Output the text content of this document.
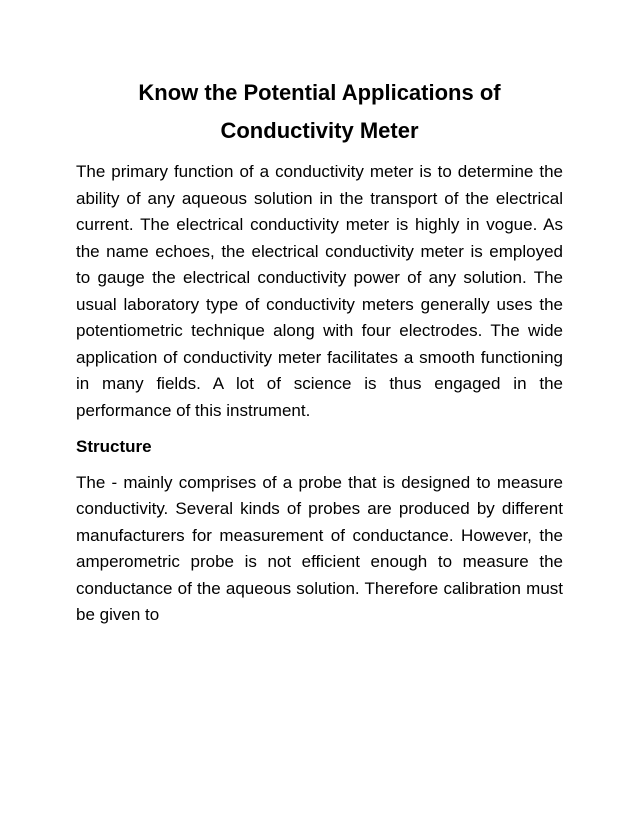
Know the Potential Applications of
Conductivity Meter

The primary function of a conductivity meter is to determine the ability of any aqueous solution in the transport of the electrical current. The electrical conductivity meter is highly in vogue. As the name echoes, the electrical conductivity meter is employed to gauge the electrical conductivity power of any solution. The usual laboratory type of conductivity meters generally uses the potentiometric technique along with four electrodes. The wide application of conductivity meter facilitates a smooth functioning in many fields. A lot of science is thus engaged in the performance of this instrument.

Structure

The - mainly comprises of a probe that is designed to measure conductivity. Several kinds of probes are produced by different manufacturers for measurement of conductance. However, the amperometric probe is not efficient enough to measure the conductance of the aqueous solution. Therefore calibration must be given to
